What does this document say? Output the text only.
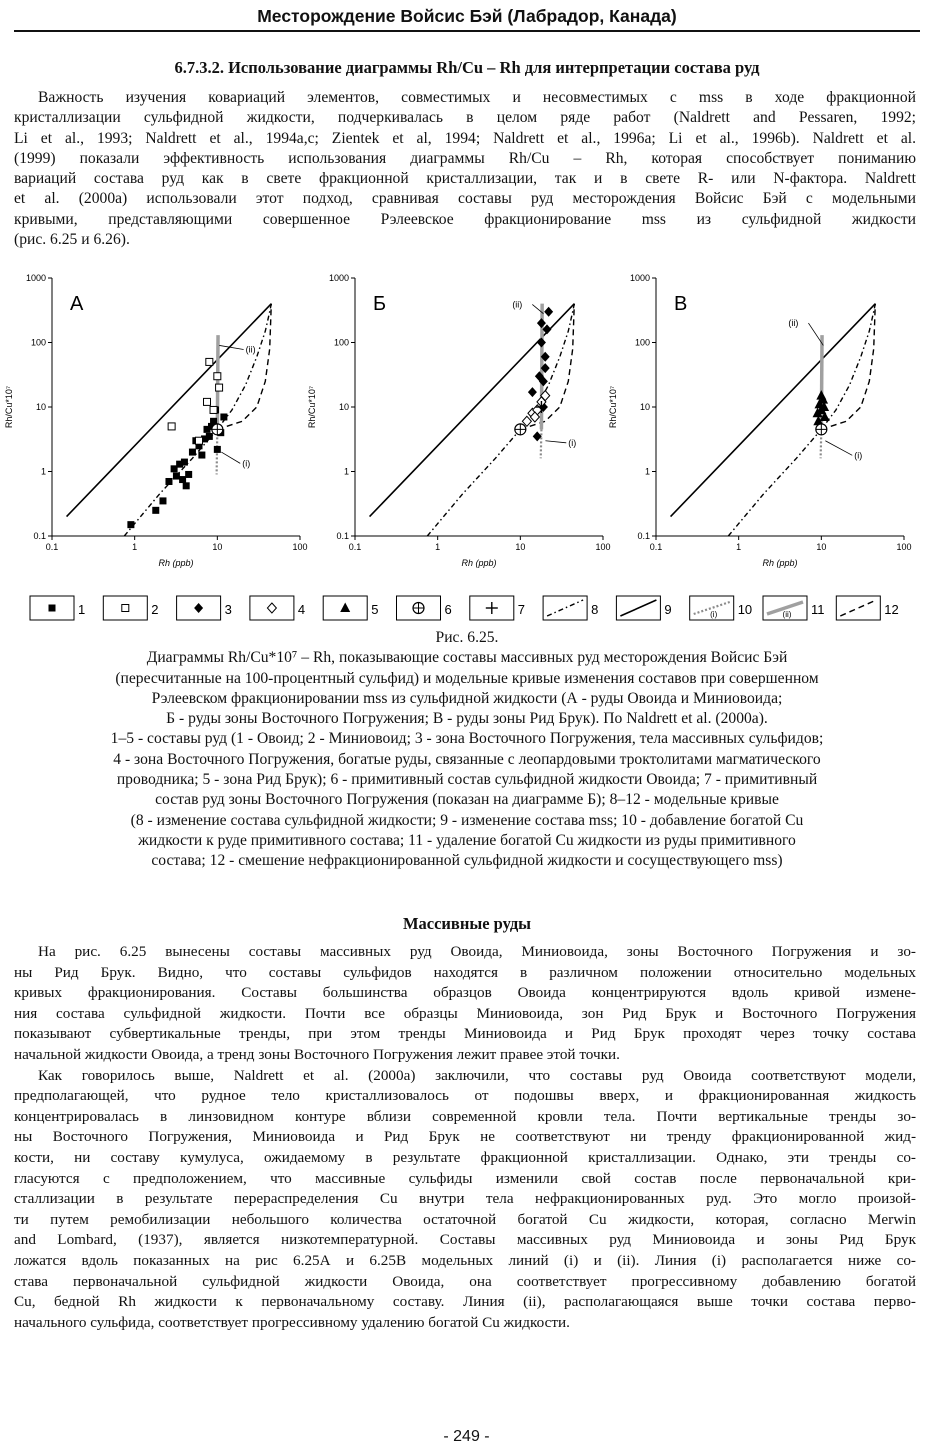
Месторождение Войсис Бэй (Лабрадор, Канада)
6.7.3.2. Использование диаграммы Rh/Cu – Rh для интерпретации состава руд
Важность изучения ковариаций элементов, совместимых и несовместимых с mss в ходе фракционной
кристаллизации сульфидной жидкости, подчеркивалась в целом ряде работ (Naldrett and Pessaren, 1992;
Li et al., 1993; Naldrett et al., 1994a,c; Zientek et al, 1994; Naldrett et al., 1996a; Li et al., 1996b). Naldrett et al.
(1999) показали эффективность использования диаграммы Rh/Cu – Rh, которая способствует пониманию
вариаций состава руд как в свете фракционной кристаллизации, так и в свете R- или N-фактора. Naldrett
et al. (2000a) использовали этот подход, сравнивая составы руд месторождения Войсис Бэй с модельными
кривыми, представляющими совершенное Рэлеевское фракционирование mss из сульфидной жидкости
(рис. 6.25 и 6.26).
1000
100
10
1
0.1
0.1	1	10	100
Rh/Cu*10⁷
Rh (ppb)
А
(i)
(ii)
1000
100
10
1
0.1
0.1	1	10	100
Rh/Cu*10⁷
Rh (ppb)
Б
(i)
(ii)
1000
100
10
1
0.1
0.1	1	10	100
Rh/Cu*10⁷
Rh (ppb)
В
(i)
(ii)
1	2	3	4	5	6	7	8	9	(i) 10	(ii) 11	12
Рис. 6.25.
Диаграммы Rh/Cu*10⁷ – Rh, показывающие составы массивных руд месторождения Войсис Бэй
(пересчитанные на 100-процентный сульфид) и модельные кривые изменения составов при совершенном
Рэлеевском фракционировании mss из сульфидной жидкости (А - руды Овоида и Миниовоида;
Б - руды зоны Восточного Погружения; В - руды зоны Рид Брук). По Naldrett et al. (2000a).
1–5 - составы руд (1 - Овоид; 2 - Миниовоид; 3 - зона Восточного Погружения, тела массивных сульфидов;
4 - зона Восточного Погружения, богатые руды, связанные с леопардовыми троктолитами магматического
проводника; 5 - зона Рид Брук); 6 - примитивный состав сульфидной жидкости Овоида; 7 - примитивный
состав руд зоны Восточного Погружения (показан на диаграмме Б); 8–12 - модельные кривые
(8 - изменение состава сульфидной жидкости; 9 - изменение состава mss; 10 - добавление богатой Cu
жидкости к руде примитивного состава; 11 - удаление богатой Cu жидкости из руды примитивного
состава; 12 - смешение нефракционированной сульфидной жидкости и сосуществующего mss)
Массивные руды
На рис. 6.25 вынесены составы массивных руд Овоида, Миниовоида, зоны Восточного Погружения и зо-
ны Рид Брук. Видно, что составы сульфидов находятся в различном положении относительно модельных
кривых фракционирования. Составы большинства образцов Овоида концентрируются вдоль кривой измене-
ния состава сульфидной жидкости. Почти все образцы Миниовоида, зон Рид Брук и Восточного Погружения
показывают субвертикальные тренды, при этом тренды Миниовоида и Рид Брук проходят через точку состава
начальной жидкости Овоида, а тренд зоны Восточного Погружения лежит правее этой точки.
Как говорилось выше, Naldrett et al. (2000a) заключили, что составы руд Овоида соответствуют модели,
предполагающей, что рудное тело кристаллизовалось от подошвы вверх, и фракционированная жидкость
концентрировалась в линзовидном контуре вблизи современной кровли тела. Почти вертикальные тренды зо-
ны Восточного Погружения, Миниовоида и Рид Брук не соответствуют ни тренду фракционированной жид-
кости, ни составу кумулуса, ожидаемому в результате фракционной кристаллизации. Однако, эти тренды со-
гласуются с предположением, что массивные сульфиды изменили свой состав после первоначальной кри-
сталлизации в результате перераспределения Cu внутри тела нефракционированных руд. Это могло произой-
ти путем ремобилизации небольшого количества остаточной богатой Cu жидкости, которая, согласно Merwin
and Lombard, (1937), является низкотемпературной. Составы массивных руд Миниовоида и зоны Рид Брук
ложатся вдоль показанных на рис 6.25А и 6.25В модельных линий (i) и (ii). Линия (i) располагается ниже со-
става первоначальной сульфидной жидкости Овоида, она соответствует прогрессивному добавлению богатой
Cu, бедной Rh жидкости к первоначальному составу. Линия (ii), располагающаяся выше точки состава перво-
начального сульфида, соответствует прогрессивному удалению богатой Cu жидкости.
- 249 -
